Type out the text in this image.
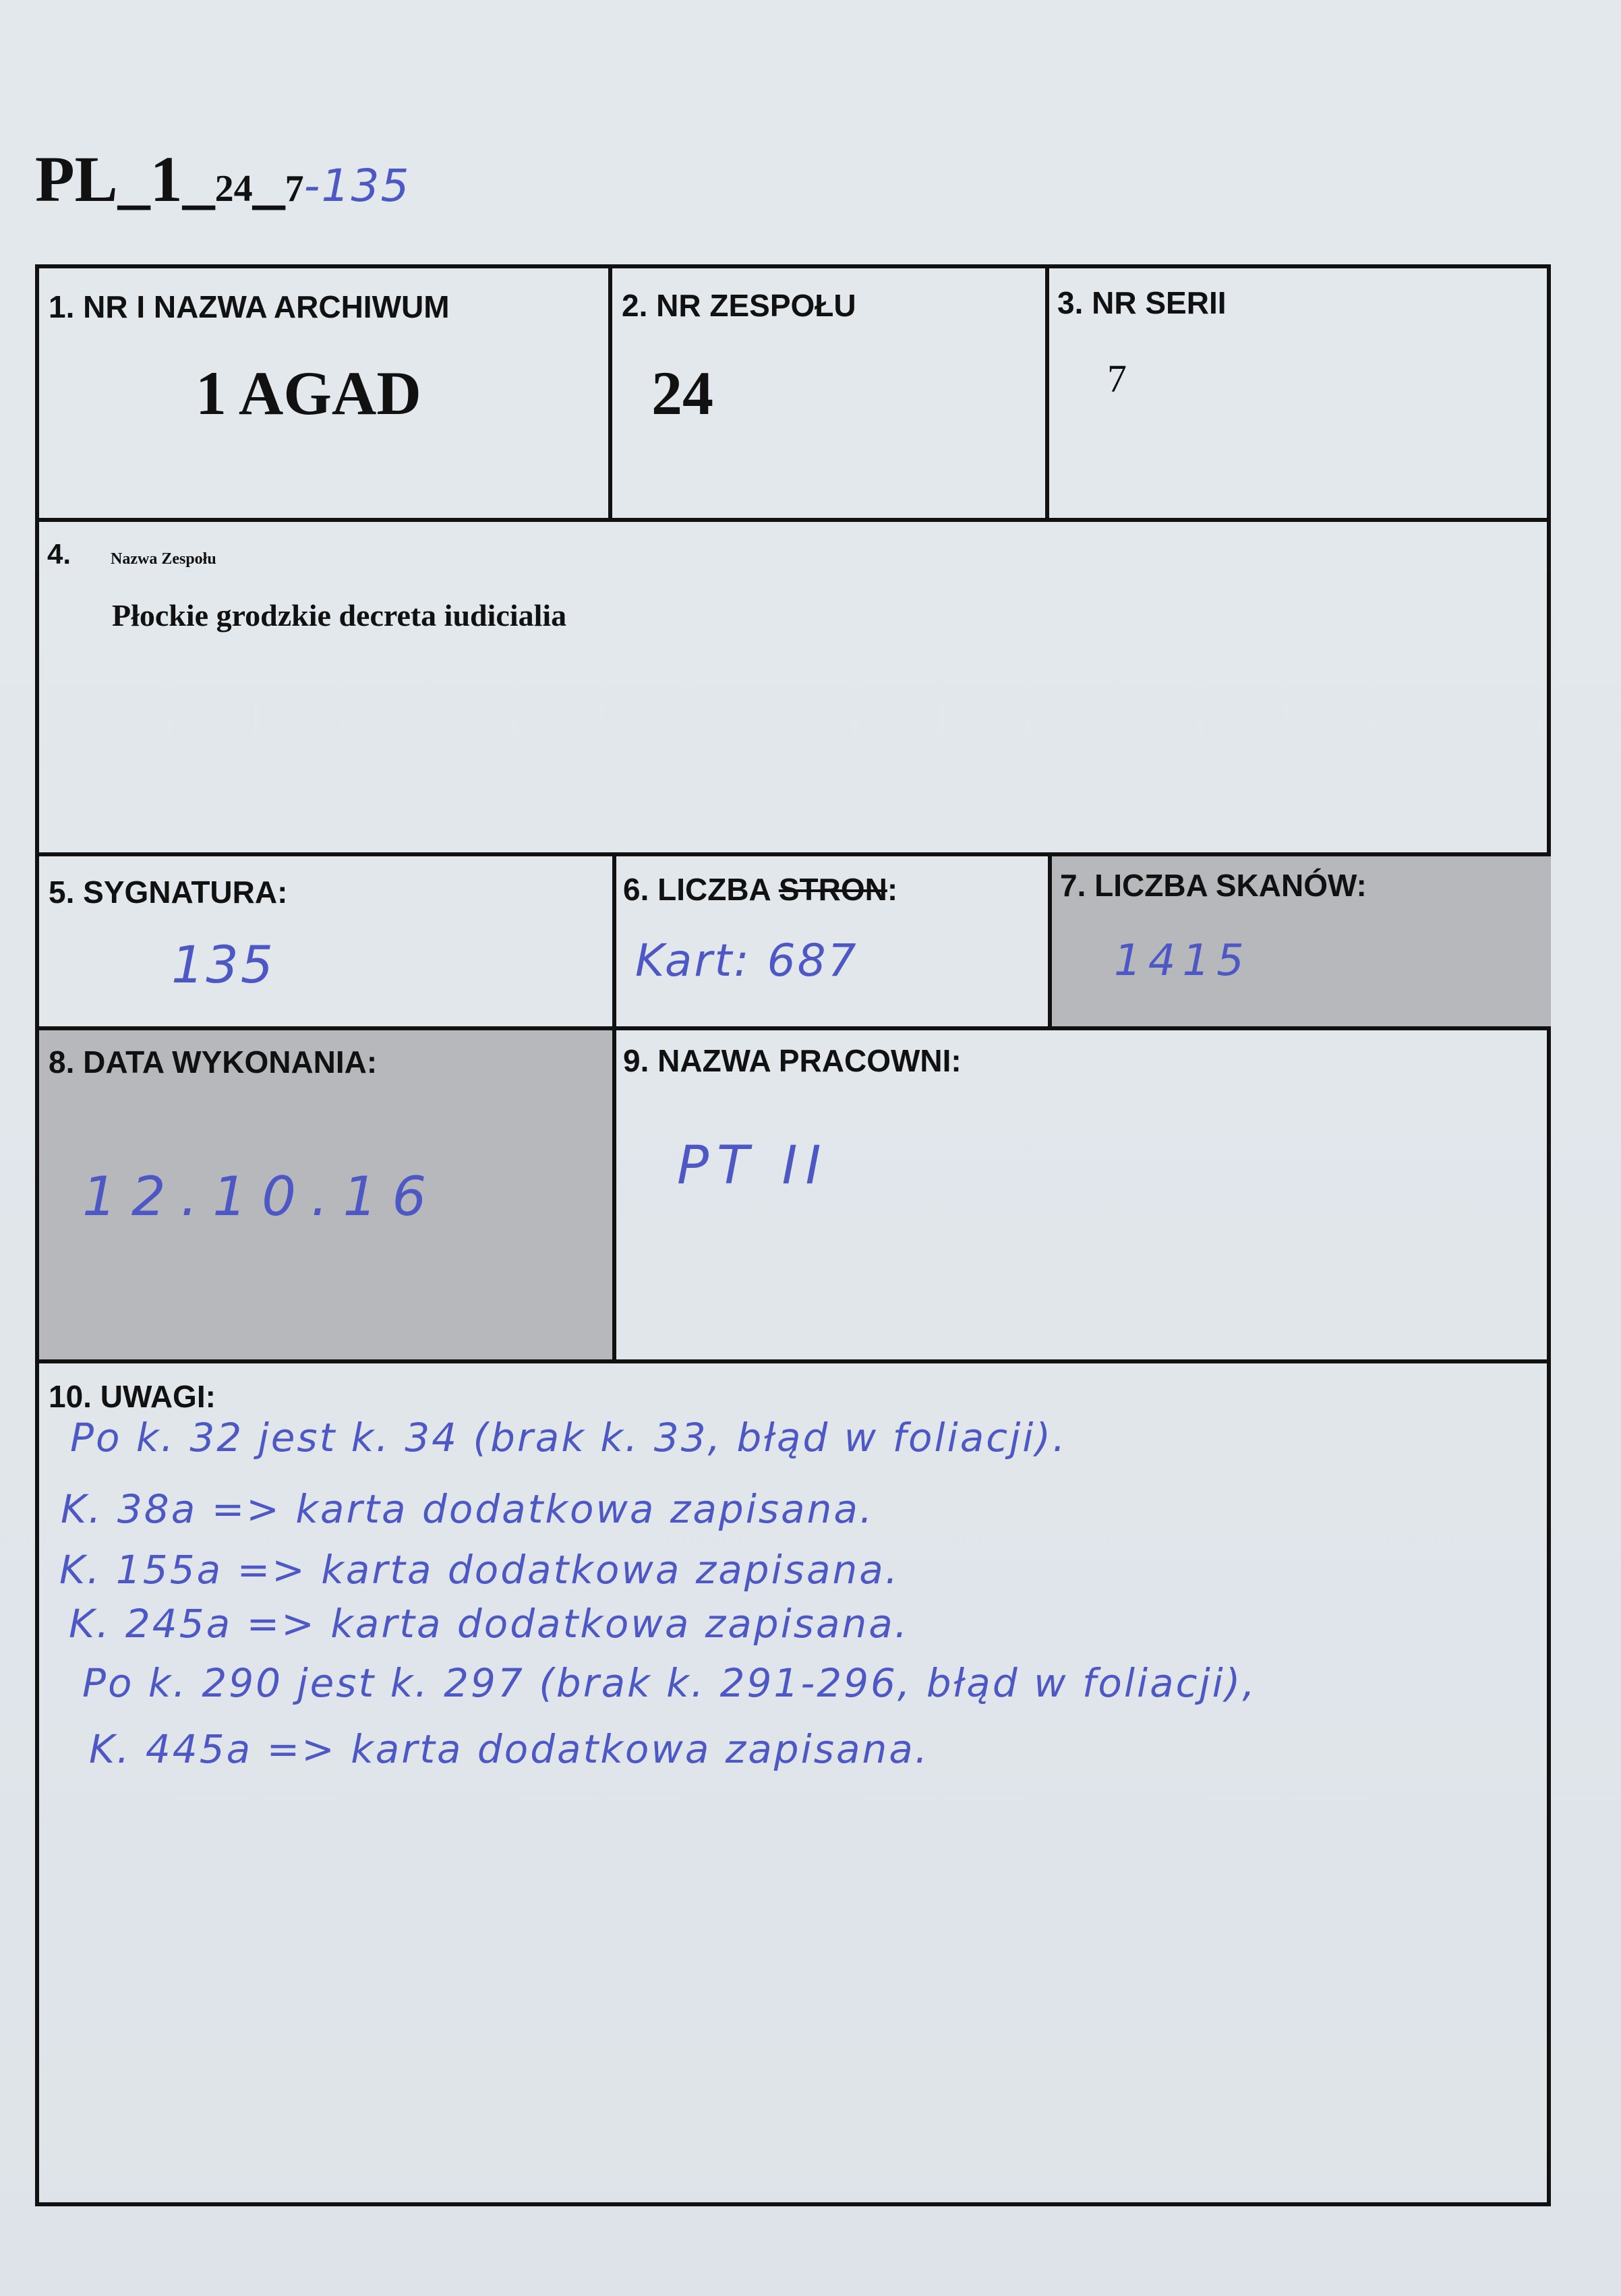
PL_1_24_7-135
1. NR I NAZWA ARCHIWUM
1 AGAD
2. NR ZESPOŁU
24
3. NR SERII
7
4. Nazwa Zespołu
Płockie grodzkie decreta iudicialia
5. SYGNATURA:
135
6. LICZBA STRON:
Kart: 687
7. LICZBA SKANÓW:
1415
8. DATA WYKONANIA:
12.10.16
9. NAZWA PRACOWNI:
PT II
10. UWAGI:
Po k. 32 jest k. 34 (brak k. 33, błąd w foliacji).
K. 38a => karta dodatkowa zapisana.
K. 155a => karta dodatkowa zapisana.
K. 245a => karta dodatkowa zapisana.
Po k. 290 jest k. 297 (brak k. 291-296, błąd w foliacji),
K. 445a => karta dodatkowa zapisana.
